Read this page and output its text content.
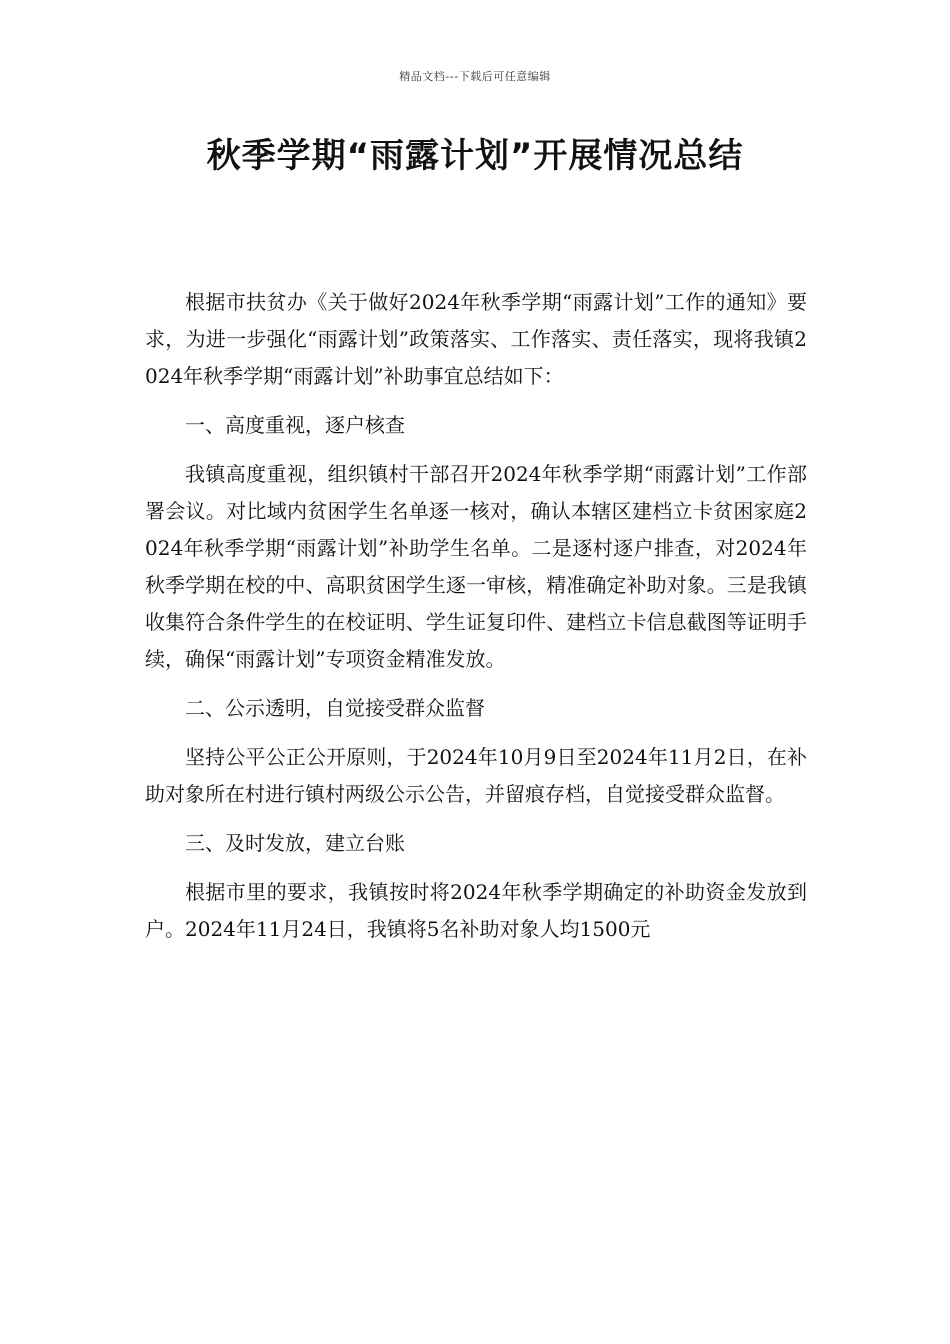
精品文档---下载后可任意编辑
秋季学期“雨露计划”开展情况总结

根据市扶贫办《关于做好2024年秋季学期“雨露计划”工作的通知》要求，为进一步强化“雨露计划”政策落实、工作落实、责任落实，现将我镇2024年秋季学期“雨露计划”补助事宜总结如下：

一、高度重视，逐户核查

我镇高度重视，组织镇村干部召开2024年秋季学期“雨露计划”工作部署会议。对比域内贫困学生名单逐一核对，确认本辖区建档立卡贫困家庭2024年秋季学期“雨露计划”补助学生名单。二是逐村逐户排查，对2024年秋季学期在校的中、高职贫困学生逐一审核，精准确定补助对象。三是我镇收集符合条件学生的在校证明、学生证复印件、建档立卡信息截图等证明手续，确保“雨露计划”专项资金精准发放。

二、公示透明，自觉接受群众监督

坚持公平公正公开原则，于2024年10月9日至2024年11月2日，在补助对象所在村进行镇村两级公示公告，并留痕存档，自觉接受群众监督。

三、及时发放，建立台账

根据市里的要求，我镇按时将2024年秋季学期确定的补助资金发放到户。2024年11月24日，我镇将5名补助对象人均1500元
